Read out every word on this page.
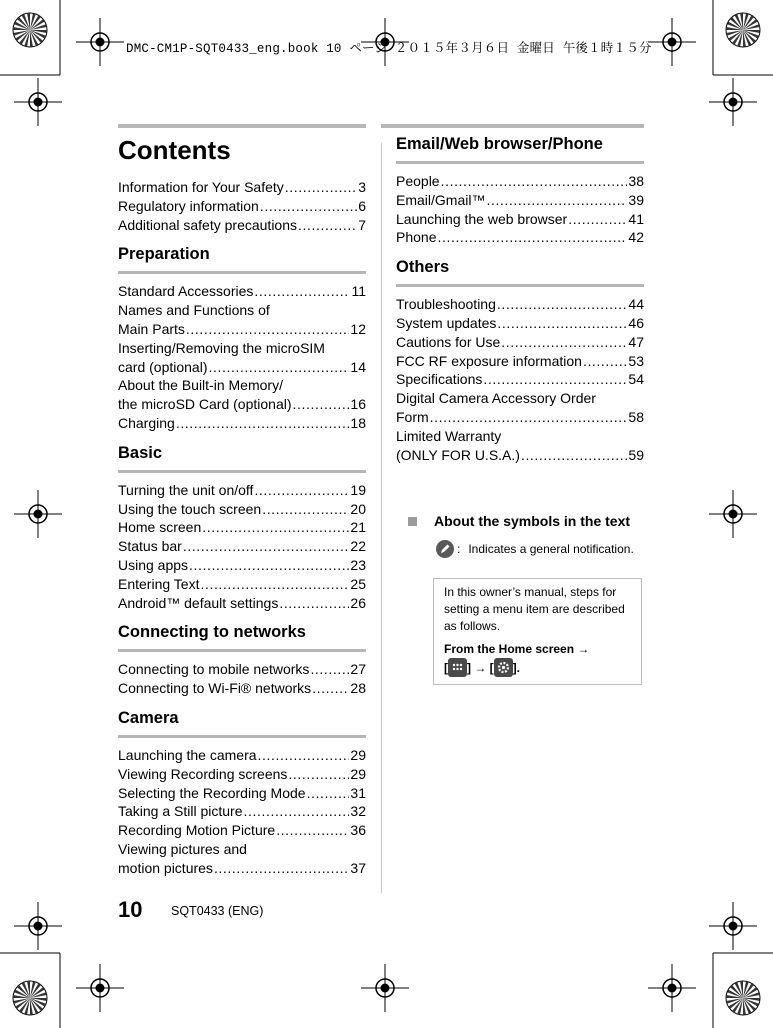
DMC-CM1P-SQT0433_eng.book 10 ページ ２０１５年３月６日 金曜日 午後１時１５分
Contents
Information for Your Safety .....	3
Regulatory information .....	6
Additional safety precautions .....	7
Preparation
Standard Accessories .....	11
Names and Functions of
Main Parts .....	12
Inserting/Removing the microSIM
card (optional) .....	14
About the Built-in Memory/
the microSD Card (optional) .....	16
Charging .....	18
Basic
Turning the unit on/off .....	19
Using the touch screen .....	20
Home screen .....	21
Status bar .....	22
Using apps .....	23
Entering Text .....	25
Android™ default settings .....	26
Connecting to networks
Connecting to mobile networks .....	27
Connecting to Wi-Fi® networks .....	28
Camera
Launching the camera .....	29
Viewing Recording screens .....	29
Selecting the Recording Mode .....	31
Taking a Still picture .....	32
Recording Motion Picture .....	36
Viewing pictures and
motion pictures .....	37
Email/Web browser/Phone
People .....	38
Email/Gmail™ .....	39
Launching the web browser .....	41
Phone .....	42
Others
Troubleshooting .....	44
System updates .....	46
Cautions for Use .....	47
FCC RF exposure information .....	53
Specifications .....	54
Digital Camera Accessory Order
Form .....	58
Limited Warranty
(ONLY FOR U.S.A.) .....	59
About the symbols in the text
: Indicates a general notification.

In this owner’s manual, steps for setting a menu item are described as follows.

From the Home screen →
[ ] → [ ].

10 SQT0433 (ENG)
